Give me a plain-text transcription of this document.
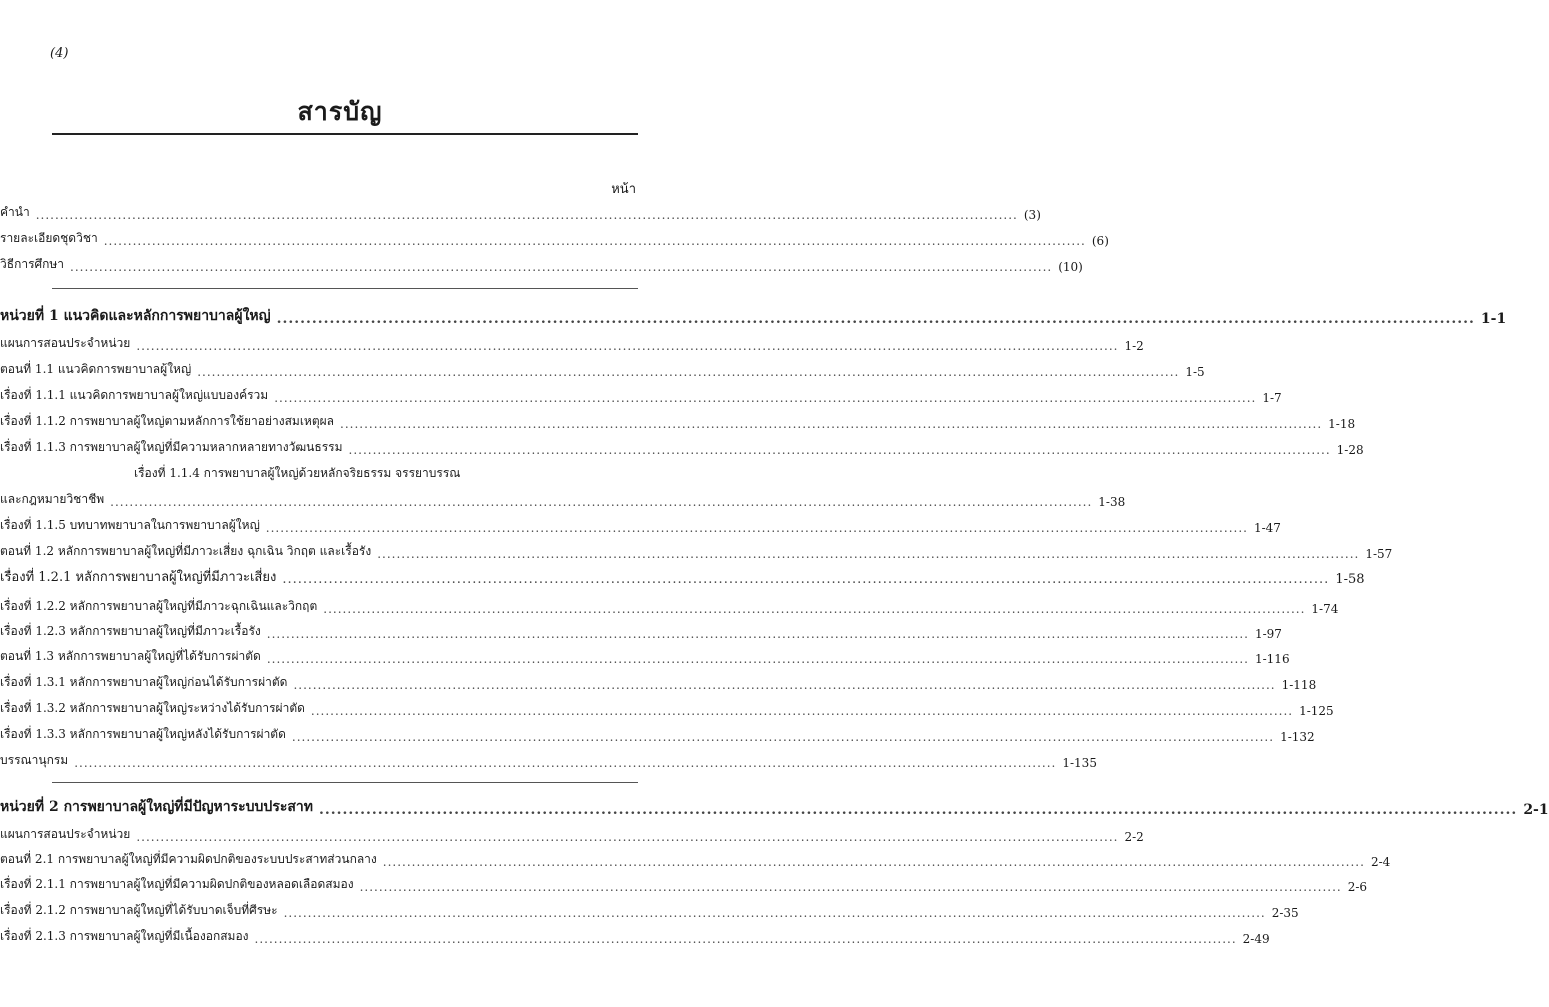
(4)
สารบัญ
หน้า
คำนำ ............................................................................................................................................................................................................ (3)
รายละเอียดชุดวิชา ............................................................................................................................................................................................................ (6)
วิธีการศึกษา ............................................................................................................................................................................................................ (10)
หน่วยที่ 1 แนวคิดและหลักการพยาบาลผู้ใหญ่ ............................................................................................................................................................................................................ 1-1
แผนการสอนประจำหน่วย ............................................................................................................................................................................................................ 1-2
ตอนที่ 1.1 แนวคิดการพยาบาลผู้ใหญ่ ............................................................................................................................................................................................................ 1-5
เรื่องที่ 1.1.1 แนวคิดการพยาบาลผู้ใหญ่แบบองค์รวม ............................................................................................................................................................................................................ 1-7
เรื่องที่ 1.1.2 การพยาบาลผู้ใหญ่ตามหลักการใช้ยาอย่างสมเหตุผล ............................................................................................................................................................................................................ 1-18
เรื่องที่ 1.1.3 การพยาบาลผู้ใหญ่ที่มีความหลากหลายทางวัฒนธรรม ............................................................................................................................................................................................................ 1-28
เรื่องที่ 1.1.4 การพยาบาลผู้ใหญ่ด้วยหลักจริยธรรม จรรยาบรรณ
และกฎหมายวิชาชีพ ............................................................................................................................................................................................................ 1-38
เรื่องที่ 1.1.5 บทบาทพยาบาลในการพยาบาลผู้ใหญ่ ............................................................................................................................................................................................................ 1-47
ตอนที่ 1.2 หลักการพยาบาลผู้ใหญ่ที่มีภาวะเสี่ยง ฉุกเฉิน วิกฤต และเรื้อรัง ............................................................................................................................................................................................................ 1-57
เรื่องที่ 1.2.1 หลักการพยาบาลผู้ใหญ่ที่มีภาวะเสี่ยง ............................................................................................................................................................................................................ 1-58
เรื่องที่ 1.2.2 หลักการพยาบาลผู้ใหญ่ที่มีภาวะฉุกเฉินและวิกฤต ............................................................................................................................................................................................................ 1-74
เรื่องที่ 1.2.3 หลักการพยาบาลผู้ใหญ่ที่มีภาวะเรื้อรัง ............................................................................................................................................................................................................ 1-97
ตอนที่ 1.3 หลักการพยาบาลผู้ใหญ่ที่ได้รับการผ่าตัด ............................................................................................................................................................................................................ 1-116
เรื่องที่ 1.3.1 หลักการพยาบาลผู้ใหญ่ก่อนได้รับการผ่าตัด ............................................................................................................................................................................................................ 1-118
เรื่องที่ 1.3.2 หลักการพยาบาลผู้ใหญ่ระหว่างได้รับการผ่าตัด ............................................................................................................................................................................................................ 1-125
เรื่องที่ 1.3.3 หลักการพยาบาลผู้ใหญ่หลังได้รับการผ่าตัด ............................................................................................................................................................................................................ 1-132
บรรณานุกรม ............................................................................................................................................................................................................ 1-135
หน่วยที่ 2 การพยาบาลผู้ใหญ่ที่มีปัญหาระบบประสาท ............................................................................................................................................................................................................ 2-1
แผนการสอนประจำหน่วย ............................................................................................................................................................................................................ 2-2
ตอนที่ 2.1 การพยาบาลผู้ใหญ่ที่มีความผิดปกติของระบบประสาทส่วนกลาง ............................................................................................................................................................................................................ 2-4
เรื่องที่ 2.1.1 การพยาบาลผู้ใหญ่ที่มีความผิดปกติของหลอดเลือดสมอง ............................................................................................................................................................................................................ 2-6
เรื่องที่ 2.1.2 การพยาบาลผู้ใหญ่ที่ได้รับบาดเจ็บที่ศีรษะ ............................................................................................................................................................................................................ 2-35
เรื่องที่ 2.1.3 การพยาบาลผู้ใหญ่ที่มีเนื้องอกสมอง ............................................................................................................................................................................................................ 2-49
